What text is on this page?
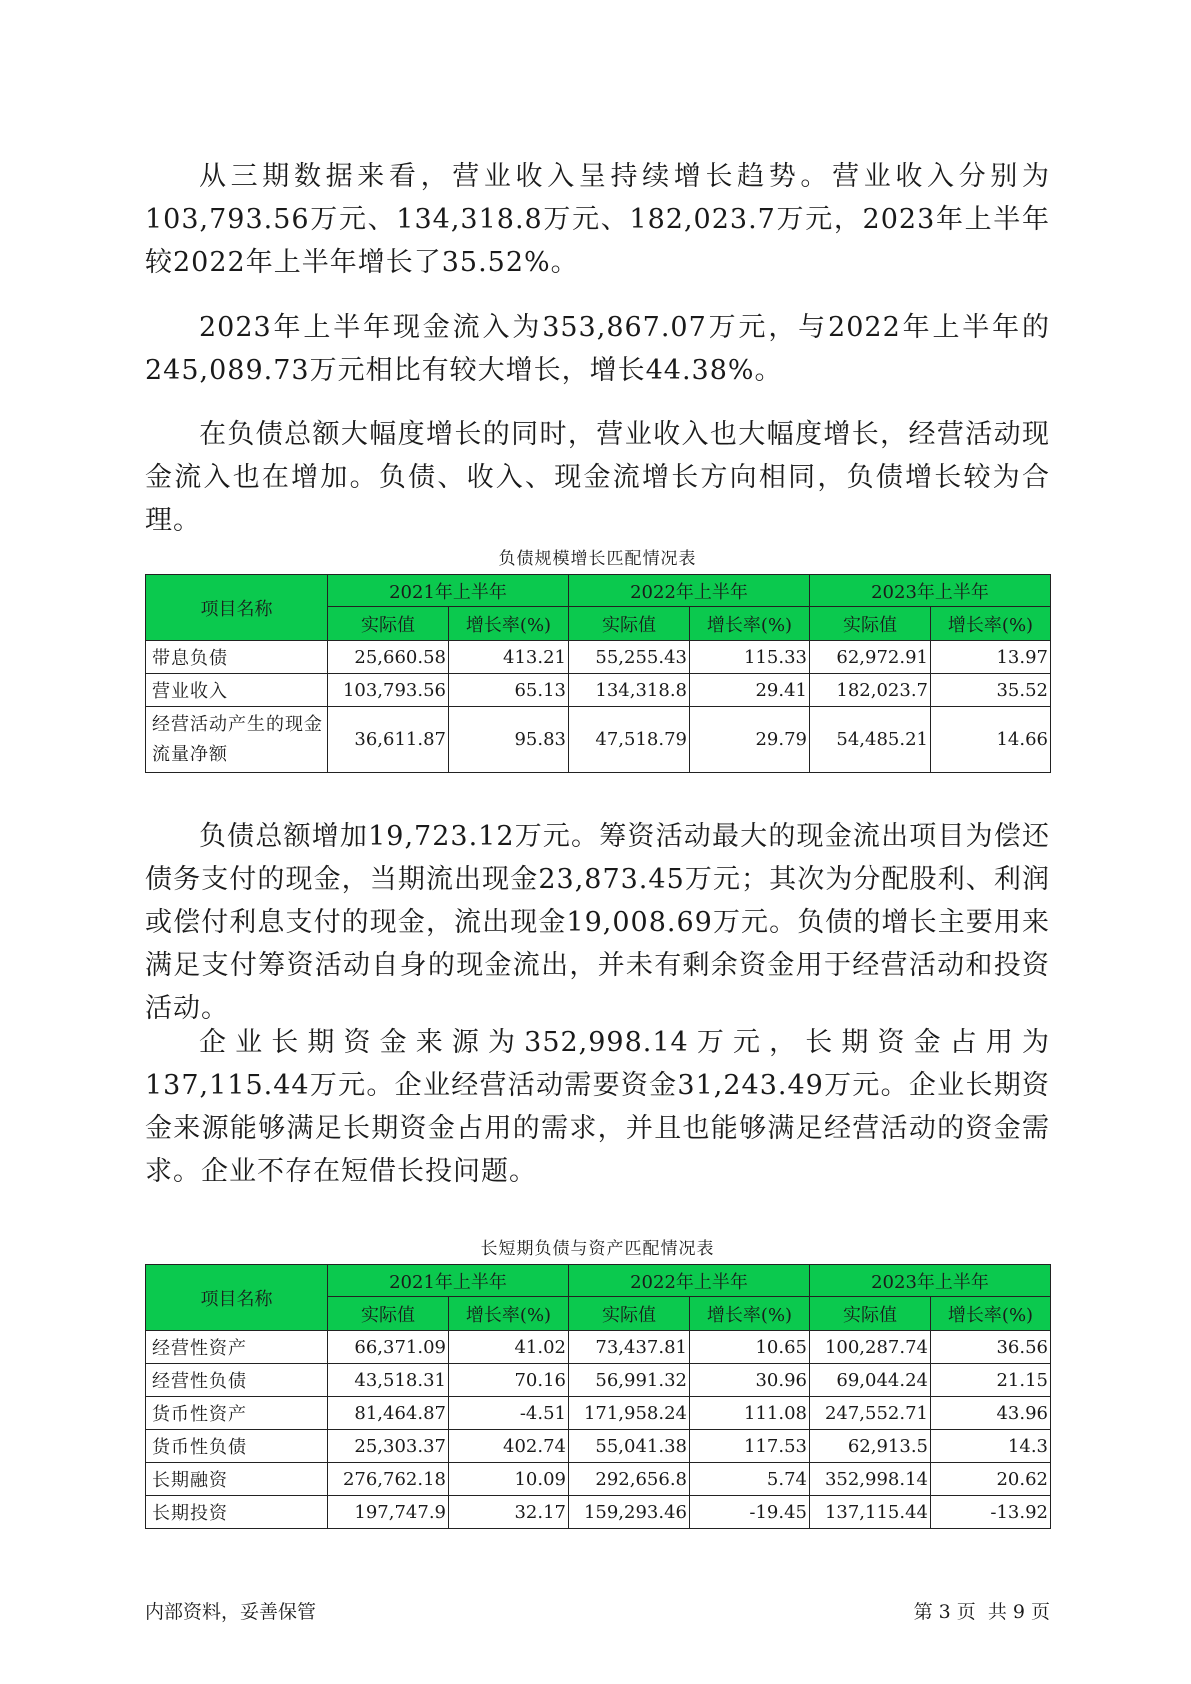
从三期数据来看，营业收入呈持续增长趋势。营业收入分别为103,793.56万元、134,318.8万元、182,023.7万元，2023年上半年较2022年上半年增长了35.52%。

2023年上半年现金流入为353,867.07万元，与2022年上半年的245,089.73万元相比有较大增长，增长44.38%。

在负债总额大幅度增长的同时，营业收入也大幅度增长，经营活动现金流入也在增加。负债、收入、现金流增长方向相同，负债增长较为合理。

负债规模增长匹配情况表

项目名称	2021年上半年		2022年上半年		2023年上半年	
	实际值	增长率(%)	实际值	增长率(%)	实际值	增长率(%)
带息负债	25,660.58	413.21	55,255.43	115.33	62,972.91	13.97
营业收入	103,793.56	65.13	134,318.8	29.41	182,023.7	35.52
经营活动产生的现金流量净额	36,611.87	95.83	47,518.79	29.79	54,485.21	14.66

负债总额增加19,723.12万元。筹资活动最大的现金流出项目为偿还债务支付的现金，当期流出现金23,873.45万元；其次为分配股利、利润或偿付利息支付的现金，流出现金19,008.69万元。负债的增长主要用来满足支付筹资活动自身的现金流出，并未有剩余资金用于经营活动和投资活动。

企业长期资金来源为352,998.14万元，长期资金占用为137,115.44万元。企业经营活动需要资金31,243.49万元。企业长期资金来源能够满足长期资金占用的需求，并且也能够满足经营活动的资金需求。企业不存在短借长投问题。

长短期负债与资产匹配情况表

项目名称	2021年上半年		2022年上半年		2023年上半年	
	实际值	增长率(%)	实际值	增长率(%)	实际值	增长率(%)
经营性资产	66,371.09	41.02	73,437.81	10.65	100,287.74	36.56
经营性负债	43,518.31	70.16	56,991.32	30.96	69,044.24	21.15
货币性资产	81,464.87	-4.51	171,958.24	111.08	247,552.71	43.96
货币性负债	25,303.37	402.74	55,041.38	117.53	62,913.5	14.3
长期融资	276,762.18	10.09	292,656.8	5.74	352,998.14	20.62
长期投资	197,747.9	32.17	159,293.46	-19.45	137,115.44	-13.92

内部资料，妥善保管	第 3 页  共 9 页
